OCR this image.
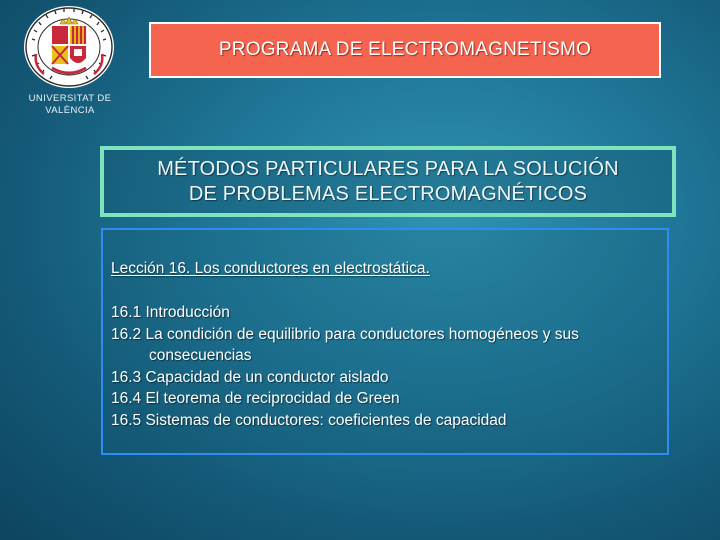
UNIVERSITAT DE
VALÈNCIA
PROGRAMA DE ELECTROMAGNETISMO
MÉTODOS PARTICULARES PARA LA SOLUCIÓN
DE PROBLEMAS ELECTROMAGNÉTICOS
Lección 16. Los conductores en electrostática.
16.1 Introducción
16.2 La condición de equilibrio para conductores homogéneos y sus
consecuencias
16.3 Capacidad de un conductor aislado
16.4 El teorema de reciprocidad de Green
16.5 Sistemas de conductores: coeficientes de capacidad
